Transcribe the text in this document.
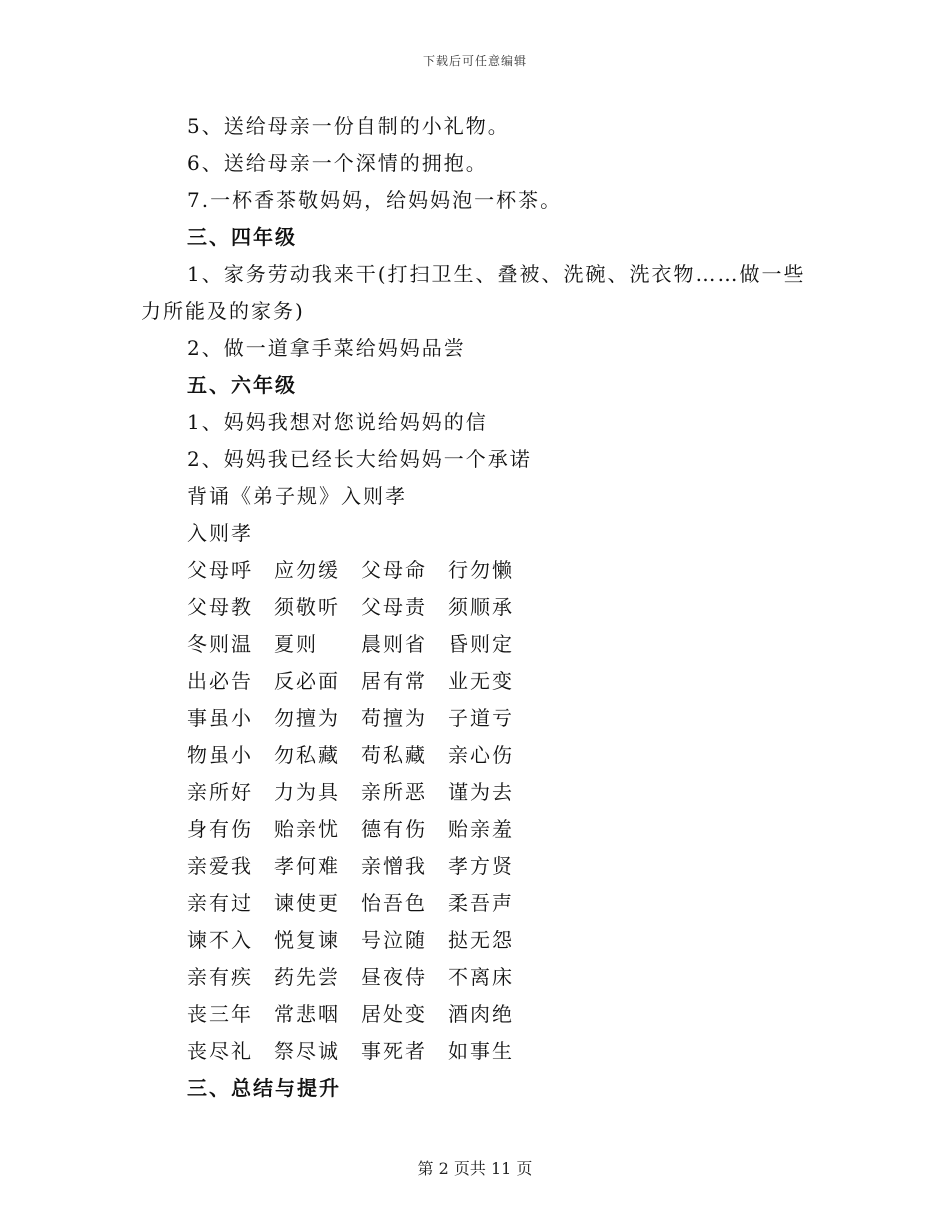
下载后可任意编辑
5、送给母亲一份自制的小礼物。
6、送给母亲一个深情的拥抱。
7.一杯香茶敬妈妈，给妈妈泡一杯茶。
三、四年级
1、家务劳动我来干(打扫卫生、叠被、洗碗、洗衣物……做一些
力所能及的家务)
2、做一道拿手菜给妈妈品尝
五、六年级
1、妈妈我想对您说给妈妈的信
2、妈妈我已经长大给妈妈一个承诺
背诵《弟子规》入则孝
入则孝
父母呼	应勿缓	父母命	行勿懒
父母教	须敬听	父母责	须顺承
冬则温	夏则	晨则省	昏则定
出必告	反必面	居有常	业无变
事虽小	勿擅为	苟擅为	子道亏
物虽小	勿私藏	苟私藏	亲心伤
亲所好	力为具	亲所恶	谨为去
身有伤	贻亲忧	德有伤	贻亲羞
亲爱我	孝何难	亲憎我	孝方贤
亲有过	谏使更	怡吾色	柔吾声
谏不入	悦复谏	号泣随	挞无怨
亲有疾	药先尝	昼夜侍	不离床
丧三年	常悲咽	居处变	酒肉绝
丧尽礼	祭尽诚	事死者	如事生
三、总结与提升
第 2 页共 11 页
